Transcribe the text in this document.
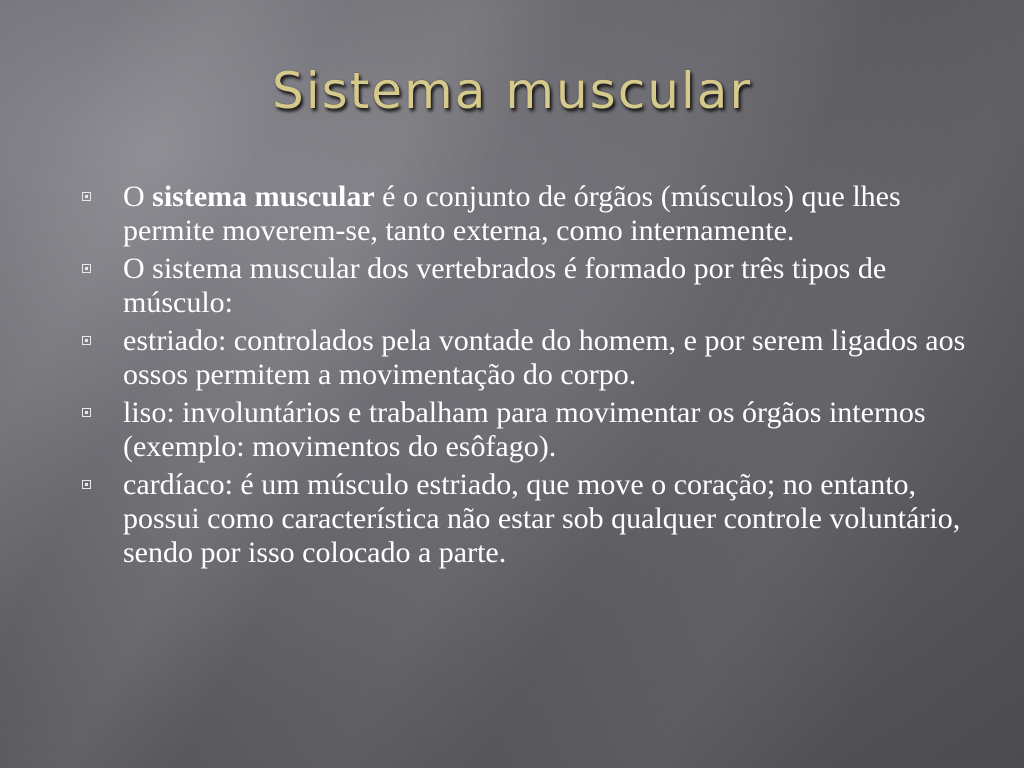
Sistema muscular
O sistema muscular é o conjunto de órgãos (músculos) que lhes permite moverem-se, tanto externa, como internamente.
O sistema muscular dos vertebrados é formado por três tipos de músculo:
estriado: controlados pela vontade do homem, e por serem ligados aos ossos permitem a movimentação do corpo.
liso: involuntários e trabalham para movimentar os órgãos internos (exemplo: movimentos do esôfago).
cardíaco: é um músculo estriado, que move o coração; no entanto, possui como característica não estar sob qualquer controle voluntário, sendo por isso colocado a parte.
